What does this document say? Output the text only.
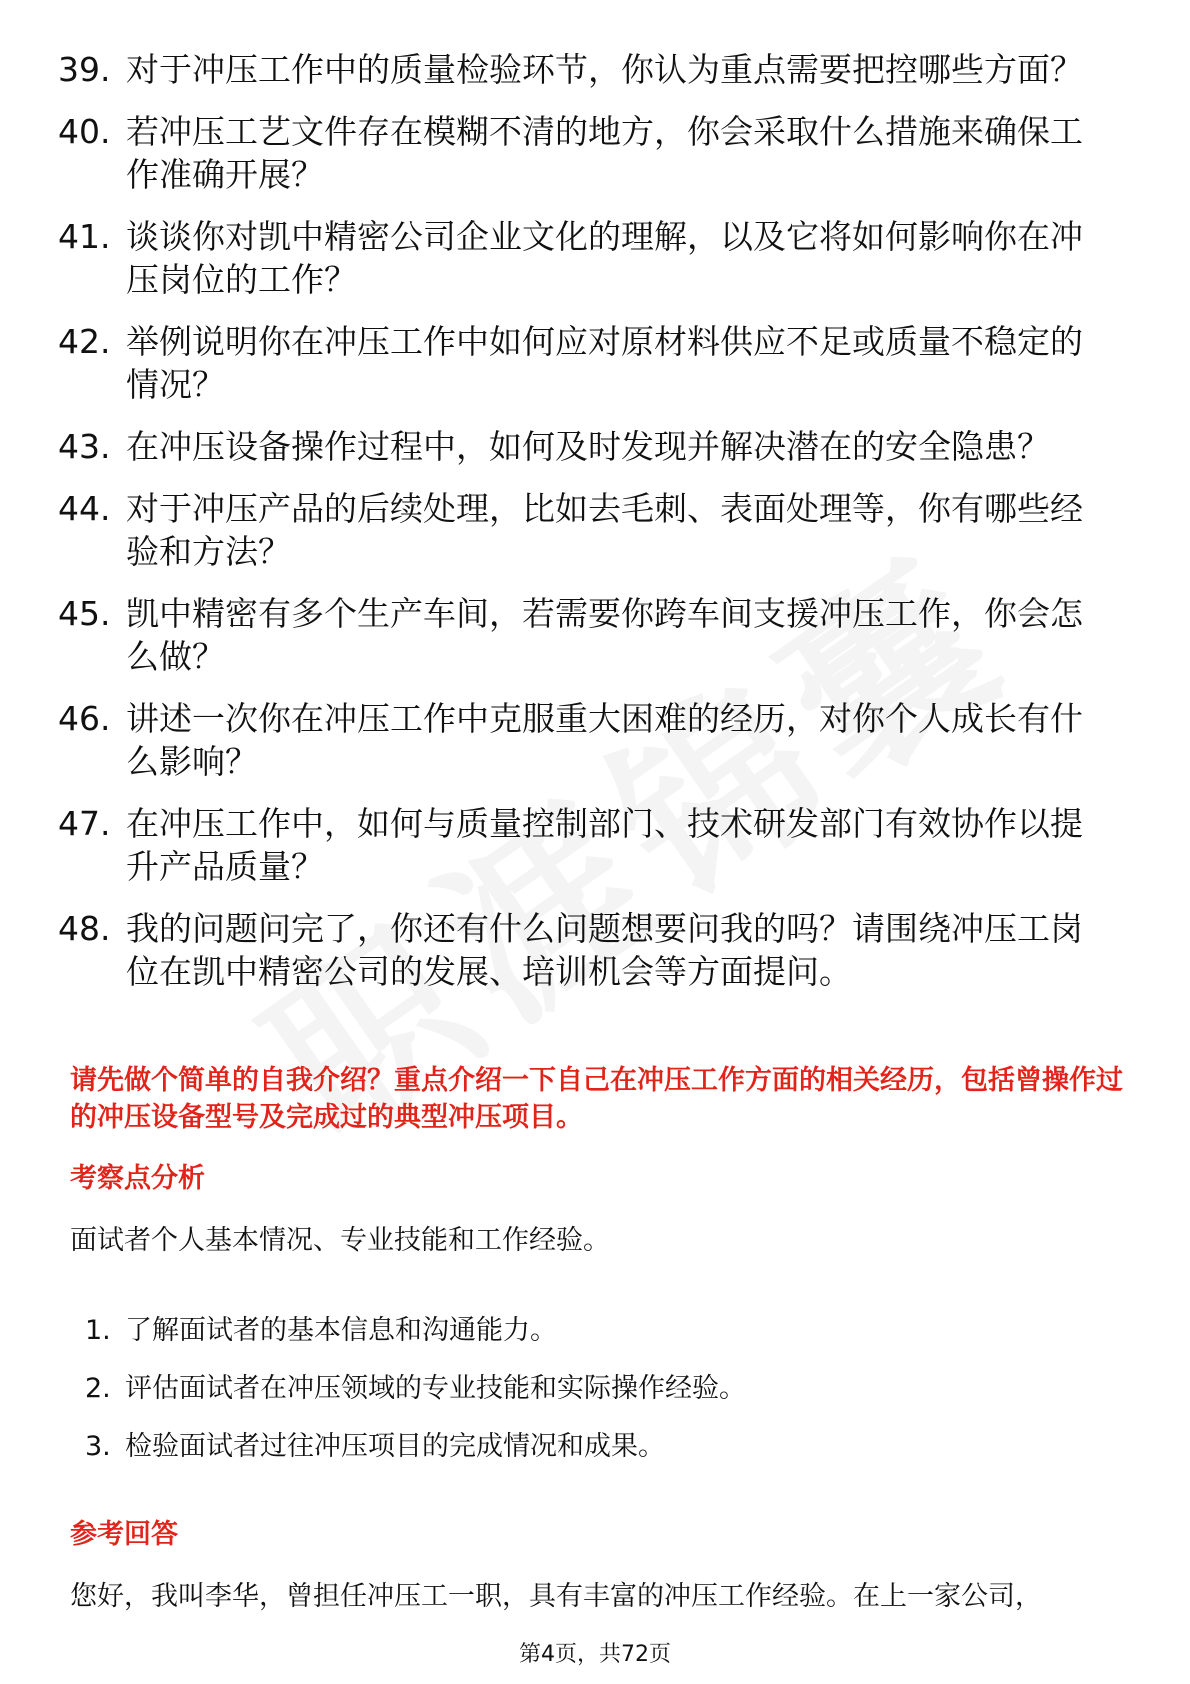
39. 对于冲压工作中的质量检验环节，你认为重点需要把控哪些方面？
40. 若冲压工艺文件存在模糊不清的地方，你会采取什么措施来确保工作准确开展？
41. 谈谈你对凯中精密公司企业文化的理解，以及它将如何影响你在冲压岗位的工作？
42. 举例说明你在冲压工作中如何应对原材料供应不足或质量不稳定的情况？
43. 在冲压设备操作过程中，如何及时发现并解决潜在的安全隐患？
44. 对于冲压产品的后续处理，比如去毛刺、表面处理等，你有哪些经验和方法？
45. 凯中精密有多个生产车间，若需要你跨车间支援冲压工作，你会怎么做？
46. 讲述一次你在冲压工作中克服重大困难的经历，对你个人成长有什么影响？
47. 在冲压工作中，如何与质量控制部门、技术研发部门有效协作以提升产品质量？
48. 我的问题问完了，你还有什么问题想要问我的吗？请围绕冲压工岗位在凯中精密公司的发展、培训机会等方面提问。
请先做个简单的自我介绍？重点介绍一下自己在冲压工作方面的相关经历，包括曾操作过的冲压设备型号及完成过的典型冲压项目。
考察点分析
面试者个人基本情况、专业技能和工作经验。
1. 了解面试者的基本信息和沟通能力。
2. 评估面试者在冲压领域的专业技能和实际操作经验。
3. 检验面试者过往冲压项目的完成情况和成果。
参考回答
您好，我叫李华，曾担任冲压工一职，具有丰富的冲压工作经验。在上一家公司，
第4页，共72页
